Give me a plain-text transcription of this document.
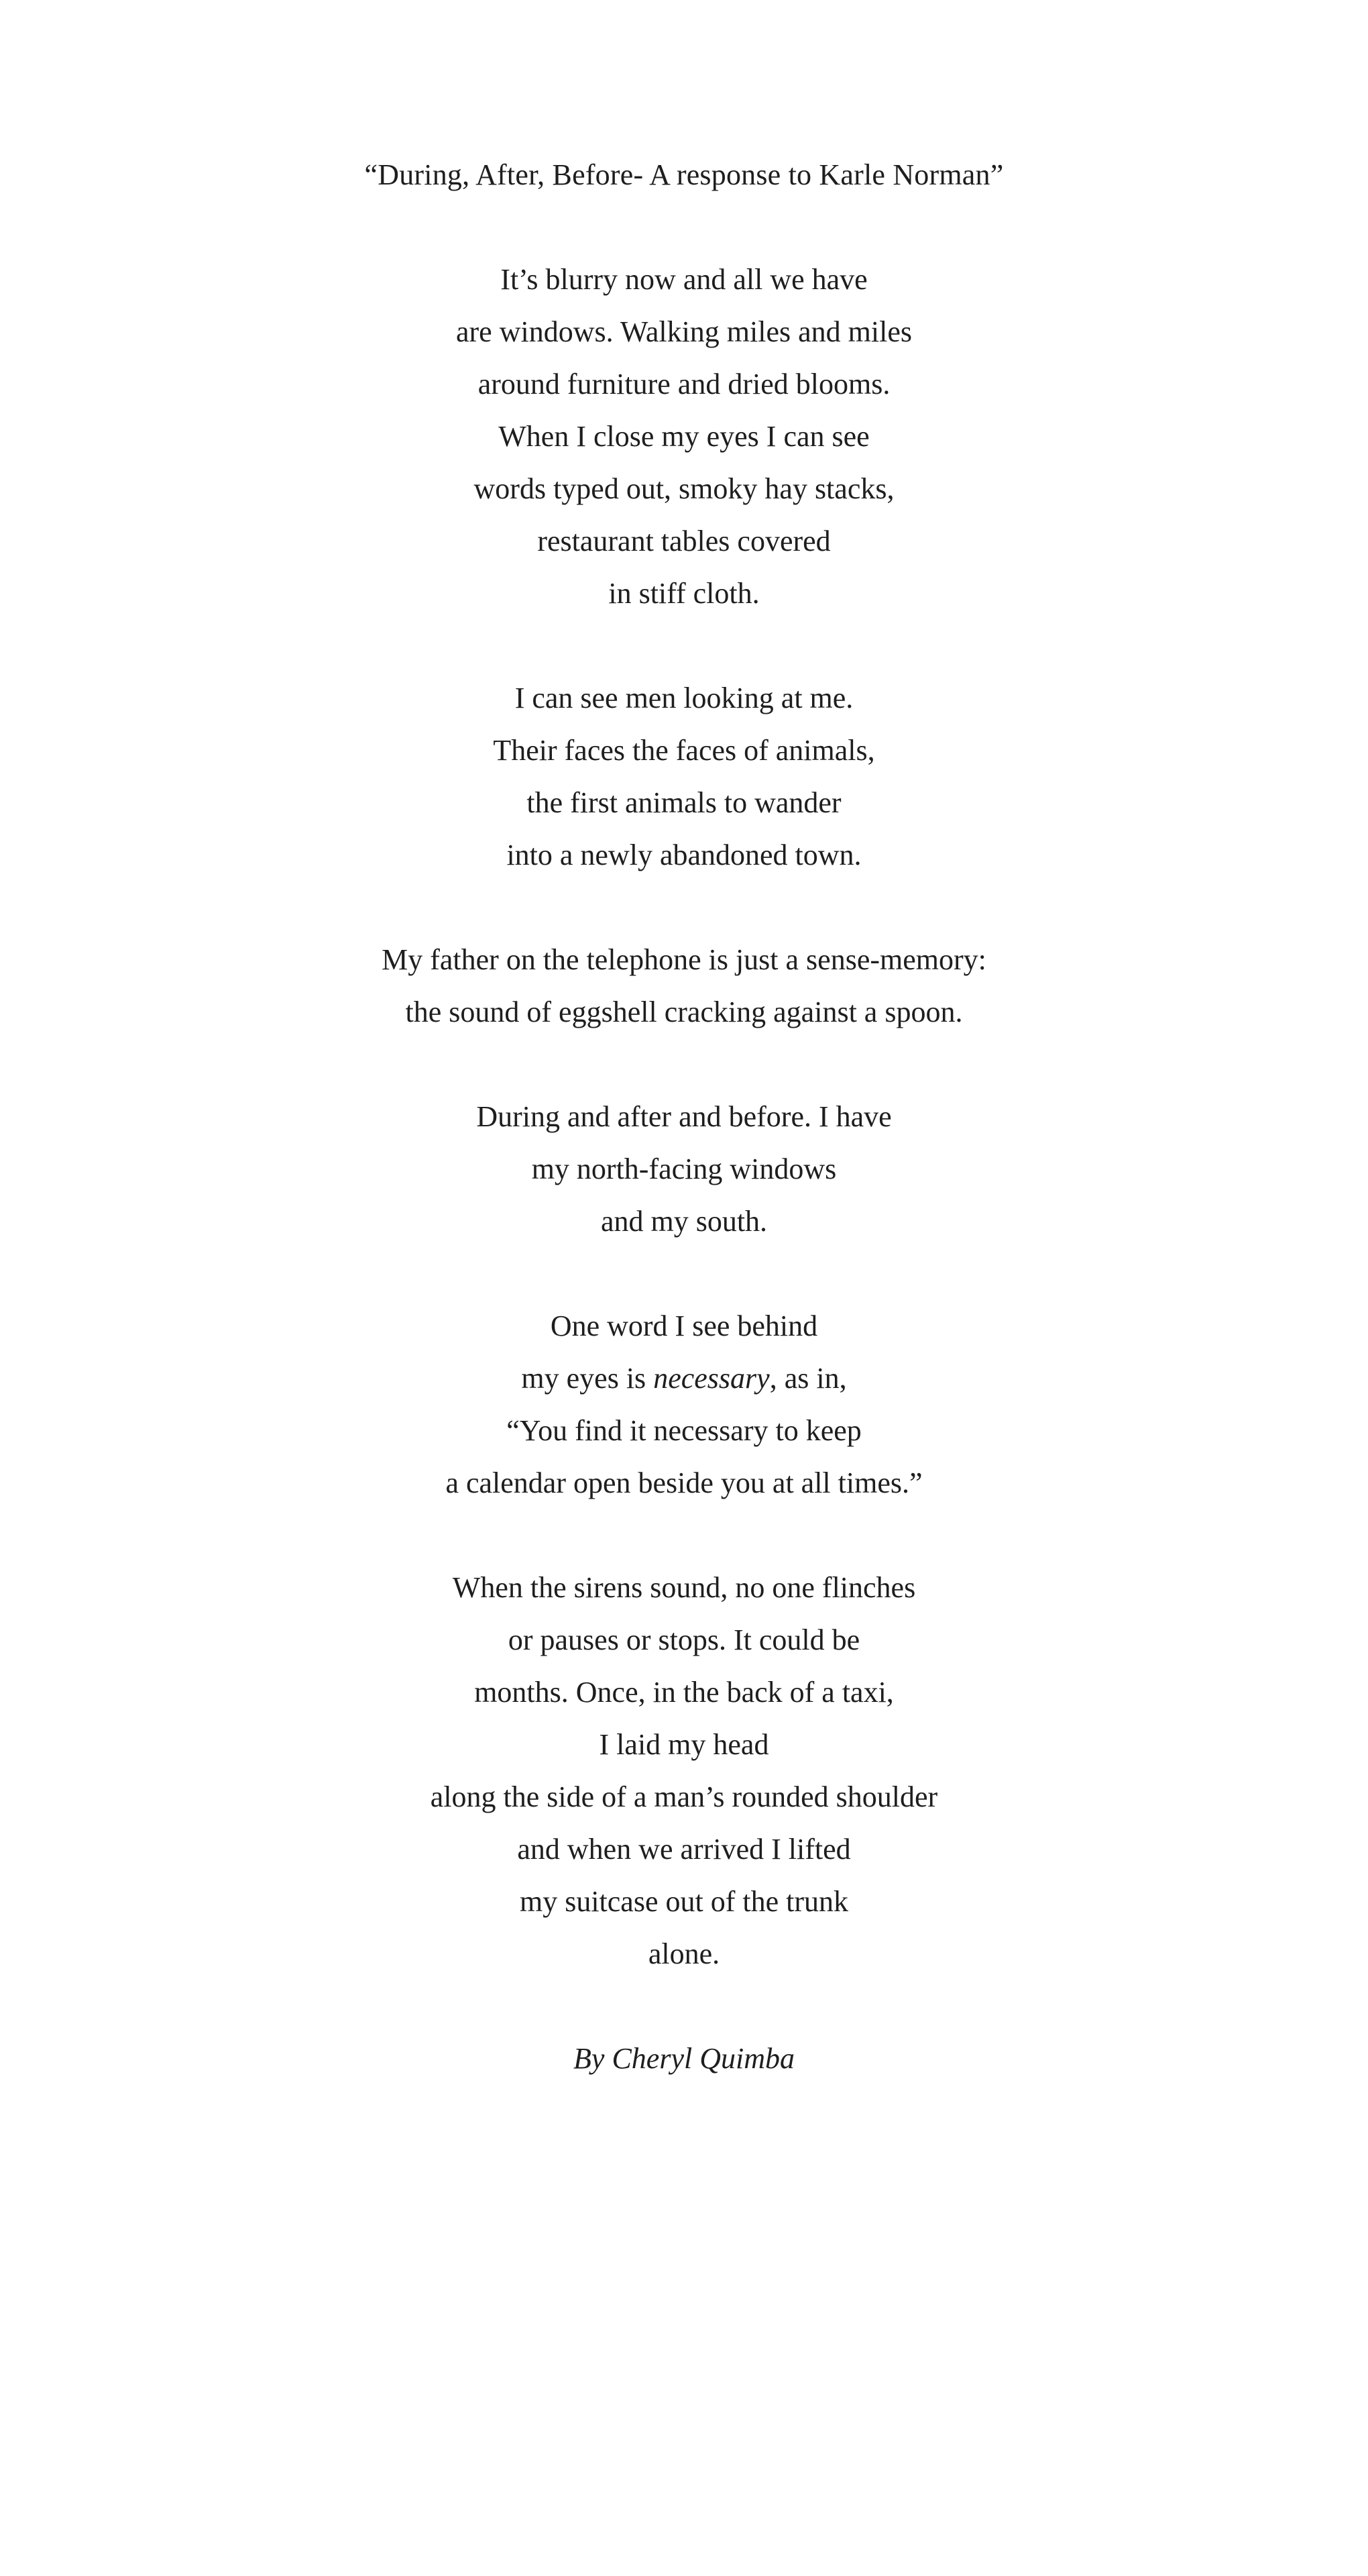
“During, After, Before- A response to Karle Norman”

It’s blurry now and all we have

are windows. Walking miles and miles

around furniture and dried blooms.

When I close my eyes I can see

words typed out, smoky hay stacks,

restaurant tables covered

in stiff cloth.

I can see men looking at me.

Their faces the faces of animals,

the first animals to wander

into a newly abandoned town.

My father on the telephone is just a sense-memory:

the sound of eggshell cracking against a spoon.

During and after and before. I have

my north-facing windows

and my south.

One word I see behind

my eyes is necessary, as in,

“You find it necessary to keep

a calendar open beside you at all times.”

When the sirens sound, no one flinches

or pauses or stops. It could be

months. Once, in the back of a taxi,

I laid my head

along the side of a man’s rounded shoulder

and when we arrived I lifted

my suitcase out of the trunk

alone.

By Cheryl Quimba
